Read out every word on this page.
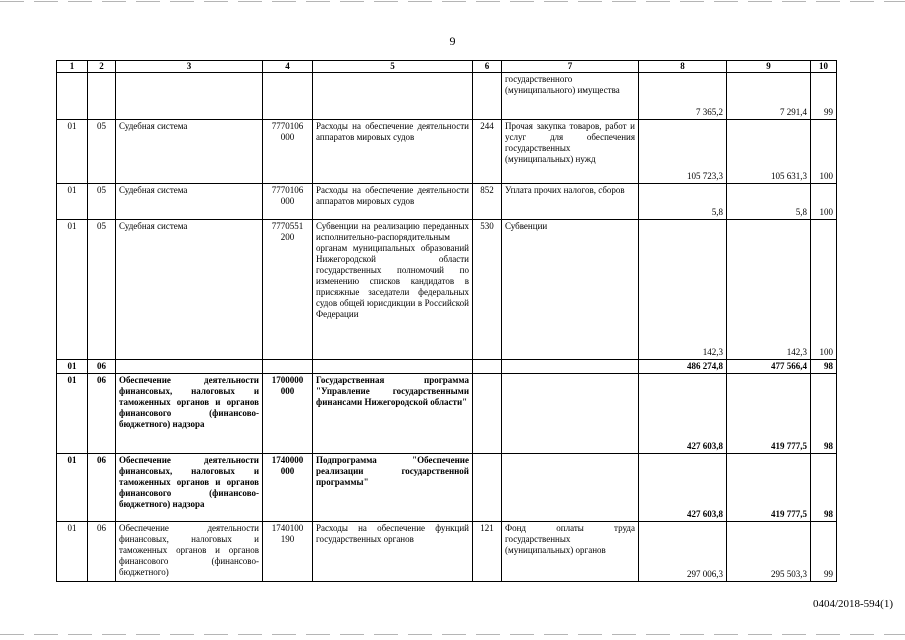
9
1	2	3	4	5	6	7	8	9	10
						государственного (муниципального) имущества	7 365,2	7 291,4	99
01	05	Судебная система	7770106 000	Расходы на обеспечение деятельности аппаратов мировых судов	244	Прочая закупка товаров, работ и услуг для обеспечения государственных (муниципальных) нужд	105 723,3	105 631,3	100
01	05	Судебная система	7770106 000	Расходы на обеспечение деятельности аппаратов мировых судов	852	Уплата прочих налогов, сборов	5,8	5,8	100
01	05	Судебная система	7770551 200	Субвенции на реализацию переданных исполнительно-распорядительным органам муниципальных образований Нижегородской области государственных полномочий по изменению списков кандидатов в присяжные заседатели федеральных судов общей юрисдикции в Российской Федерации	530	Субвенции	142,3	142,3	100
01	06						486 274,8	477 566,4	98
01	06	Обеспечение деятельности финансовых, налоговых и таможенных органов и органов финансового (финансово-бюджетного) надзора	1700000 000	Государственная программа "Управление государственными финансами Нижегородской области"			427 603,8	419 777,5	98
01	06	Обеспечение деятельности финансовых, налоговых и таможенных органов и органов финансового (финансово-бюджетного) надзора	1740000 000	Подпрограмма "Обеспечение реализации государственной программы"			427 603,8	419 777,5	98
01	06	Обеспечение деятельности финансовых, налоговых и таможенных органов и органов финансового (финансово-бюджетного)	1740100 190	Расходы на обеспечение функций государственных органов	121	Фонд оплаты труда государственных (муниципальных) органов	297 006,3	295 503,3	99
0404/2018-594(1)
